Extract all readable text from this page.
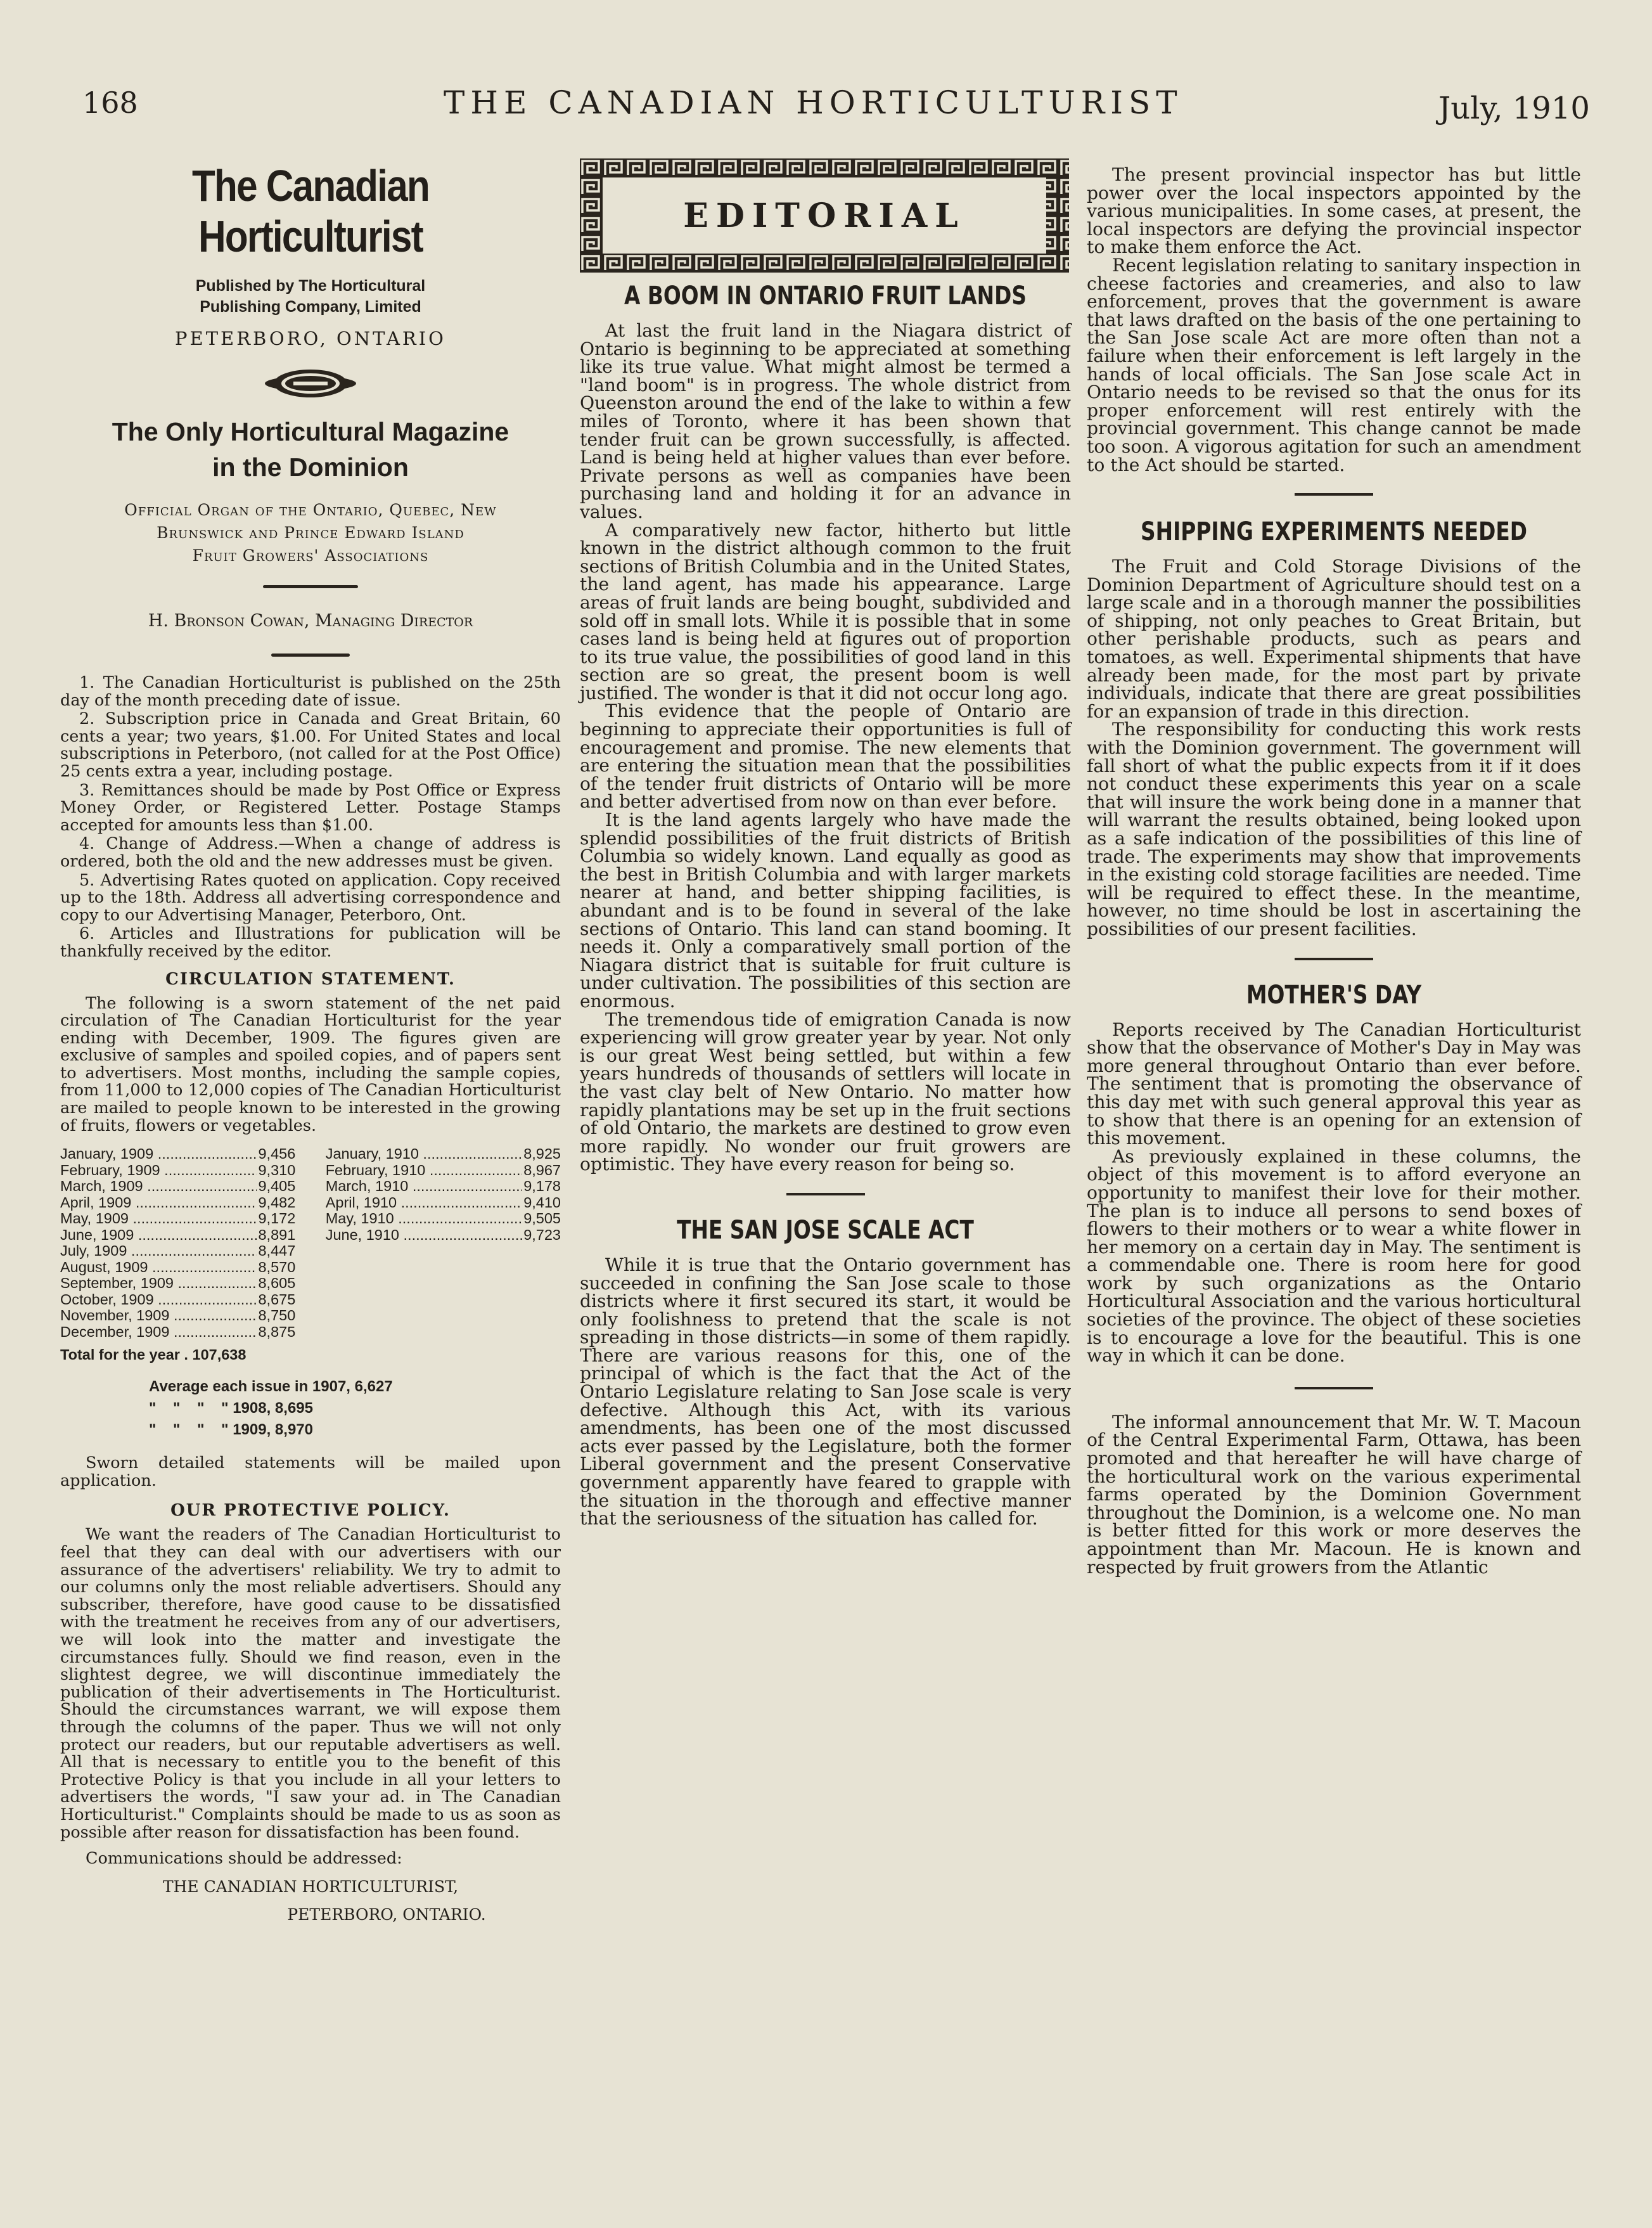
168	THE CANADIAN HORTICULTURIST	July, 1910
The Canadian Horticulturist
Published by The Horticultural
Publishing Company, Limited
PETERBORO, ONTARIO
The Only Horticultural Magazine
in the Dominion
Official Organ of the Ontario, Quebec, New
Brunswick and Prince Edward Island
Fruit Growers' Associations
H. Bronson Cowan, Managing Director

1. The Canadian Horticulturist is published on the 25th day of the month preceding date of issue.

2. Subscription price in Canada and Great Britain, 60 cents a year; two years, $1.00. For United States and local subscriptions in Peterboro, (not called for at the Post Office) 25 cents extra a year, including postage.

3. Remittances should be made by Post Office or Express Money Order, or Registered Letter. Postage Stamps accepted for amounts less than $1.00.

4. Change of Address.—When a change of address is ordered, both the old and the new addresses must be given.

5. Advertising Rates quoted on application. Copy received up to the 18th. Address all advertising correspondence and copy to our Advertising Manager, Peterboro, Ont.

6. Articles and Illustrations for publication will be thankfully received by the editor.

CIRCULATION STATEMENT.

The following is a sworn statement of the net paid circulation of The Canadian Horticulturist for the year ending with December, 1909. The figures given are exclusive of samples and spoiled copies, and of papers sent to advertisers. Most months, including the sample copies, from 11,000 to 12,000 copies of The Canadian Horticulturist are mailed to people known to be interested in the growing of fruits, flowers or vegetables.

January, 1909 .....	9,456
February, 1909 .....	9,310
March, 1909 .....	9,405
April, 1909 .....	9,482
May, 1909 .....	9,172
June, 1909 .....	8,891
July, 1909 .....	8,447
August, 1909 .....	8,570
September, 1909 .....	8,605
October, 1909 .....	8,675
November, 1909 .....	8,750
December, 1909 .....	8,875
January, 1910 .....	8,925
February, 1910 .....	8,967
March, 1910 .....	9,178
April, 1910 .....	9,410
May, 1910 .....	9,505
June, 1910 .....	9,723
Total for the year . 107,638
Average each issue in 1907, 6,627
"    "    "    " 1908, 8,695
"    "    "    " 1909, 8,970

Sworn detailed statements will be mailed upon application.

OUR PROTECTIVE POLICY.

We want the readers of The Canadian Horticulturist to feel that they can deal with our advertisers with our assurance of the advertisers' reliability. We try to admit to our columns only the most reliable advertisers. Should any subscriber, therefore, have good cause to be dissatisfied with the treatment he receives from any of our advertisers, we will look into the matter and investigate the circumstances fully. Should we find reason, even in the slightest degree, we will discontinue immediately the publication of their advertisements in The Horticulturist. Should the circumstances warrant, we will expose them through the columns of the paper. Thus we will not only protect our readers, but our reputable advertisers as well. All that is necessary to entitle you to the benefit of this Protective Policy is that you include in all your letters to advertisers the words, "I saw your ad. in The Canadian Horticulturist." Complaints should be made to us as soon as possible after reason for dissatisfaction has been found.

Communications should be addressed:

THE CANADIAN HORTICULTURIST,
PETERBORO, ONTARIO.
EDITORIAL
A BOOM IN ONTARIO FRUIT LANDS

At last the fruit land in the Niagara district of Ontario is beginning to be appreciated at something like its true value. What might almost be termed a "land boom" is in progress. The whole district from Queenston around the end of the lake to within a few miles of Toronto, where it has been shown that tender fruit can be grown successfully, is affected. Land is being held at higher values than ever before. Private persons as well as companies have been purchasing land and holding it for an advance in values.

A comparatively new factor, hitherto but little known in the district although common to the fruit sections of British Columbia and in the United States, the land agent, has made his appearance. Large areas of fruit lands are being bought, subdivided and sold off in small lots. While it is possible that in some cases land is being held at figures out of proportion to its true value, the possibilities of good land in this section are so great, the present boom is well justified. The wonder is that it did not occur long ago.

This evidence that the people of Ontario are beginning to appreciate their opportunities is full of encouragement and promise. The new elements that are entering the situation mean that the possibilities of the tender fruit districts of Ontario will be more and better advertised from now on than ever before.

It is the land agents largely who have made the splendid possibilities of the fruit districts of British Columbia so widely known. Land equally as good as the best in British Columbia and with larger markets nearer at hand, and better shipping facilities, is abundant and is to be found in several of the lake sections of Ontario. This land can stand booming. It needs it. Only a comparatively small portion of the Niagara district that is suitable for fruit culture is under cultivation. The possibilities of this section are enormous.

The tremendous tide of emigration Canada is now experiencing will grow greater year by year. Not only is our great West being settled, but within a few years hundreds of thousands of settlers will locate in the vast clay belt of New Ontario. No matter how rapidly plantations may be set up in the fruit sections of old Ontario, the markets are destined to grow even more rapidly. No wonder our fruit growers are optimistic. They have every reason for being so.

THE SAN JOSE SCALE ACT

While it is true that the Ontario government has succeeded in confining the San Jose scale to those districts where it first secured its start, it would be only foolishness to pretend that the scale is not spreading in those districts—in some of them rapidly. There are various reasons for this, one of the principal of which is the fact that the Act of the Ontario Legislature relating to San Jose scale is very defective. Although this Act, with its various amendments, has been one of the most discussed acts ever passed by the Legislature, both the former Liberal government and the present Conservative government apparently have feared to grapple with the situation in the thorough and effective manner that the seriousness of the situation has called for.

The present provincial inspector has but little power over the local inspectors appointed by the various municipalities. In some cases, at present, the local inspectors are defying the provincial inspector to make them enforce the Act.

Recent legislation relating to sanitary inspection in cheese factories and creameries, and also to law enforcement, proves that the government is aware that laws drafted on the basis of the one pertaining to the San Jose scale Act are more often than not a failure when their enforcement is left largely in the hands of local officials. The San Jose scale Act in Ontario needs to be revised so that the onus for its proper enforcement will rest entirely with the provincial government. This change cannot be made too soon. A vigorous agitation for such an amendment to the Act should be started.

SHIPPING EXPERIMENTS NEEDED

The Fruit and Cold Storage Divisions of the Dominion Department of Agriculture should test on a large scale and in a thorough manner the possibilities of shipping, not only peaches to Great Britain, but other perishable products, such as pears and tomatoes, as well. Experimental shipments that have already been made, for the most part by private individuals, indicate that there are great possibilities for an expansion of trade in this direction.

The responsibility for conducting this work rests with the Dominion government. The government will fall short of what the public expects from it if it does not conduct these experiments this year on a scale that will insure the work being done in a manner that will warrant the results obtained, being looked upon as a safe indication of the possibilities of this line of trade. The experiments may show that improvements in the existing cold storage facilities are needed. Time will be required to effect these. In the meantime, however, no time should be lost in ascertaining the possibilities of our present facilities.

MOTHER'S DAY

Reports received by The Canadian Horticulturist show that the observance of Mother's Day in May was more general throughout Ontario than ever before. The sentiment that is promoting the observance of this day met with such general approval this year as to show that there is an opening for an extension of this movement.

As previously explained in these columns, the object of this movement is to afford everyone an opportunity to manifest their love for their mother. The plan is to induce all persons to send boxes of flowers to their mothers or to wear a white flower in her memory on a certain day in May. The sentiment is a commendable one. There is room here for good work by such organizations as the Ontario Horticultural Association and the various horticultural societies of the province. The object of these societies is to encourage a love for the beautiful. This is one way in which it can be done.

The informal announcement that Mr. W. T. Macoun of the Central Experimental Farm, Ottawa, has been promoted and that hereafter he will have charge of the horticultural work on the various experimental farms operated by the Dominion Government throughout the Dominion, is a welcome one. No man is better fitted for this work or more deserves the appointment than Mr. Macoun. He is known and respected by fruit growers from the Atlantic
